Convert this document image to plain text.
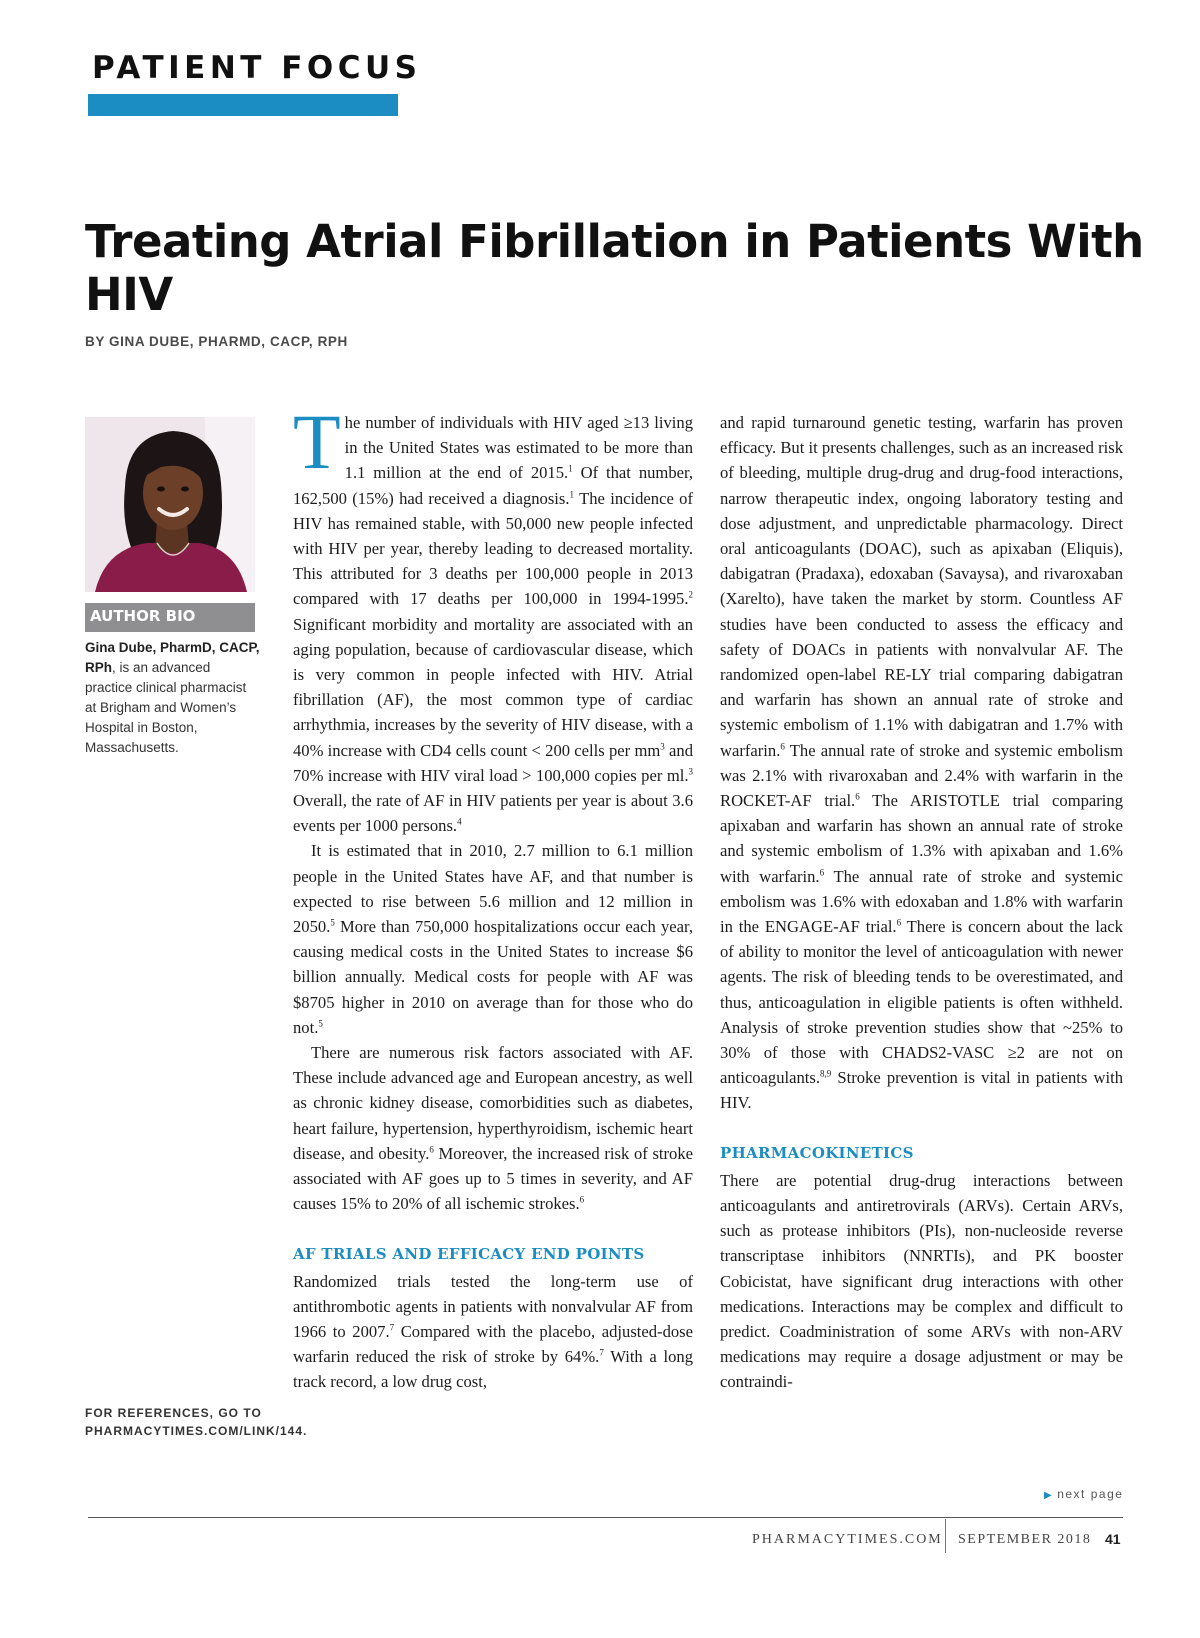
PATIENT FOCUS
Treating Atrial Fibrillation in Patients With HIV
BY GINA DUBE, PHARMD, CACP, RPH
AUTHOR BIO
Gina Dube, PharmD, CACP, RPh, is an advanced practice clinical pharmacist at Brigham and Women’s Hospital in Boston, Massachusetts.
FOR REFERENCES, GO TO PHARMACYTIMES.COM/LINK/144.

The number of individuals with HIV aged ≥13 living in the United States was estimated to be more than 1.1 million at the end of 2015.$^1$ Of that number, 162,500 (15%) had received a diagnosis.$^1$ The incidence of HIV has remained stable, with 50,000 new people infected with HIV per year, thereby leading to decreased mortality. This attributed for 3 deaths per 100,000 people in 2013 compared with 17 deaths per 100,000 in 1994-1995.$^2$ Significant morbidity and mortality are associated with an aging population, because of cardiovascular disease, which is very common in people infected with HIV. Atrial fibrillation (AF), the most common type of cardiac arrhythmia, increases by the severity of HIV disease, with a 40% increase with CD4 cells count < 200 cells per $mm^3$ and 70% increase with HIV viral load > 100,000 copies per ml.$^3$ Overall, the rate of AF in HIV patients per year is about 3.6 events per 1000 persons.$^4$

It is estimated that in 2010, 2.7 million to 6.1 million people in the United States have AF, and that number is expected to rise between 5.6 million and 12 million in 2050.$^5$ More than 750,000 hospitalizations occur each year, causing medical costs in the United States to increase $6 billion annually. Medical costs for people with AF was $8705 higher in 2010 on average than for those who do not.$^5$

There are numerous risk factors associated with AF. These include advanced age and European ancestry, as well as chronic kidney disease, comorbidities such as diabetes, heart failure, hypertension, hyperthyroidism, ischemic heart disease, and obesity.$^6$ Moreover, the increased risk of stroke associated with AF goes up to 5 times in severity, and AF causes 15% to 20% of all ischemic strokes.$^6$

AF TRIALS AND EFFICACY END POINTS

Randomized trials tested the long-term use of antithrombotic agents in patients with nonvalvular AF from 1966 to 2007.$^7$ Compared with the placebo, adjusted-dose warfarin reduced the risk of stroke by 64%.$^7$ With a long track record, a low drug cost,

and rapid turnaround genetic testing, warfarin has proven efficacy. But it presents challenges, such as an increased risk of bleeding, multiple drug-drug and drug-food interactions, narrow therapeutic index, ongoing laboratory testing and dose adjustment, and unpredictable pharmacology. Direct oral anticoagulants (DOAC), such as apixaban (Eliquis), dabigatran (Pradaxa), edoxaban (Savaysa), and rivaroxaban (Xarelto), have taken the market by storm. Countless AF studies have been conducted to assess the efficacy and safety of DOACs in patients with nonvalvular AF. The randomized open-label RE-LY trial comparing dabigatran and warfarin has shown an annual rate of stroke and systemic embolism of 1.1% with dabigatran and 1.7% with warfarin.$^6$ The annual rate of stroke and systemic embolism was 2.1% with rivaroxaban and 2.4% with warfarin in the ROCKET-AF trial.$^6$ The ARISTOTLE trial comparing apixaban and warfarin has shown an annual rate of stroke and systemic embolism of 1.3% with apixaban and 1.6% with warfarin.$^6$ The annual rate of stroke and systemic embolism was 1.6% with edoxaban and 1.8% with warfarin in the ENGAGE-AF trial.$^6$ There is concern about the lack of ability to monitor the level of anticoagulation with newer agents. The risk of bleeding tends to be overestimated, and thus, anticoagulation in eligible patients is often withheld. Analysis of stroke prevention studies show that ~25% to 30% of those with CHADS2-VASC ≥2 are not on anticoagulants.$^{8,9}$ Stroke prevention is vital in patients with HIV.

PHARMACOKINETICS

There are potential drug-drug interactions between anticoagulants and antiretrovirals (ARVs). Certain ARVs, such as protease inhibitors (PIs), non-nucleoside reverse transcriptase inhibitors (NNRTIs), and PK booster Cobicistat, have significant drug interactions with other medications. Interactions may be complex and difficult to predict. Coadministration of some ARVs with non-ARV medications may require a dosage adjustment or may be contraindi-

▶ next page
PHARMACYTIMES.COM SEPTEMBER 2018 41
